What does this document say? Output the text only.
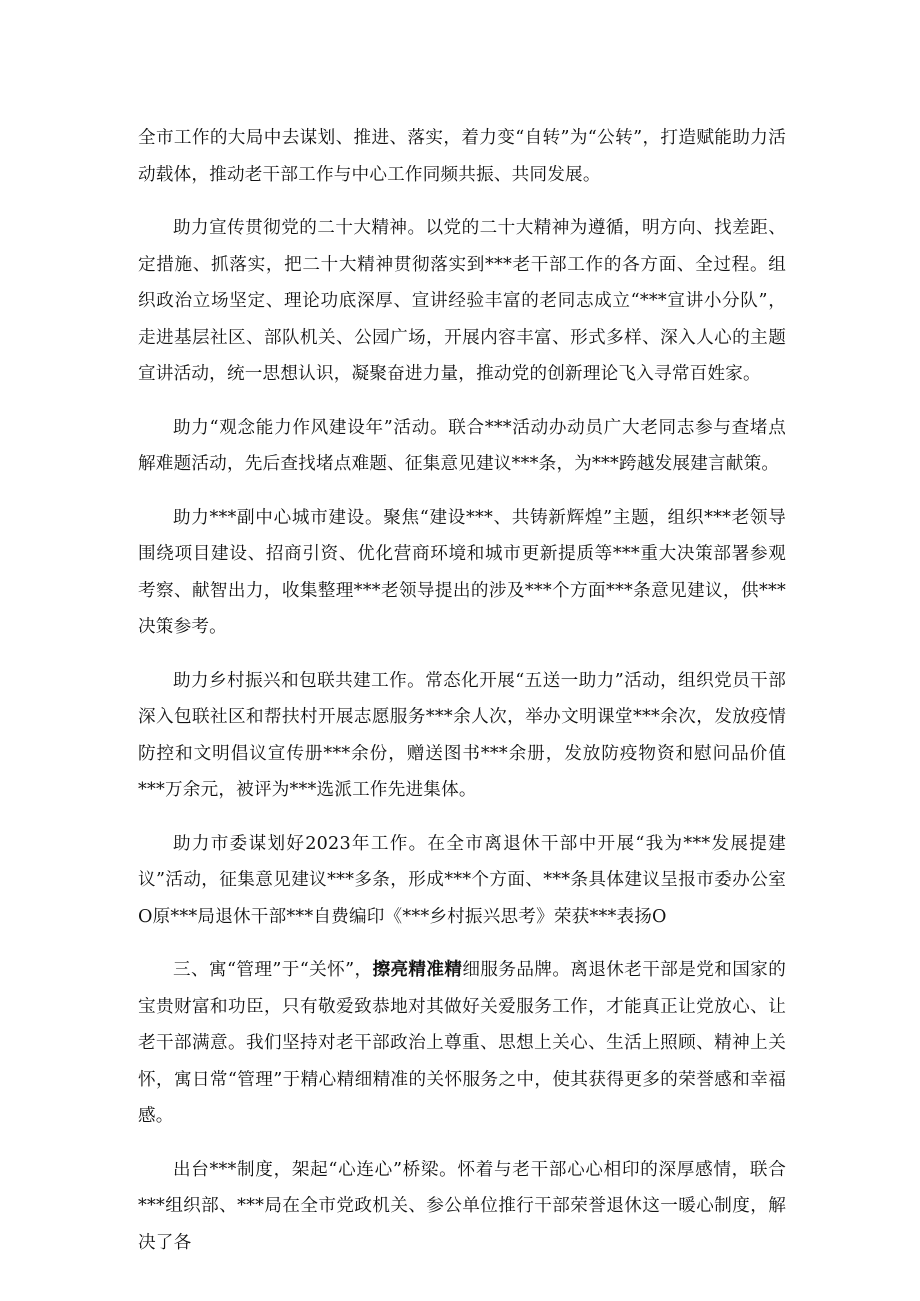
全市工作的大局中去谋划、推进、落实，着力变“自转”为“公转”，打造赋能助力活动载体，推动老干部工作与中心工作同频共振、共同发展。

助力宣传贯彻党的二十大精神。以党的二十大精神为遵循，明方向、找差距、定措施、抓落实，把二十大精神贯彻落实到***老干部工作的各方面、全过程。组织政治立场坚定、理论功底深厚、宣讲经验丰富的老同志成立“***宣讲小分队”，走进基层社区、部队机关、公园广场，开展内容丰富、形式多样、深入人心的主题宣讲活动，统一思想认识，凝聚奋进力量，推动党的创新理论飞入寻常百姓家。

助力“观念能力作风建设年”活动。联合***活动办动员广大老同志参与查堵点解难题活动，先后查找堵点难题、征集意见建议***条，为***跨越发展建言献策。

助力***副中心城市建设。聚焦“建设***、共铸新辉煌”主题，组织***老领导围绕项目建设、招商引资、优化营商环境和城市更新提质等***重大决策部署参观考察、献智出力，收集整理***老领导提出的涉及***个方面***条意见建议，供***决策参考。

助力乡村振兴和包联共建工作。常态化开展“五送一助力”活动，组织党员干部深入包联社区和帮扶村开展志愿服务***余人次，举办文明课堂***余次，发放疫情防控和文明倡议宣传册***余份，赠送图书***余册，发放防疫物资和慰问品价值***万余元，被评为***选派工作先进集体。

助力市委谋划好2023年工作。在全市离退休干部中开展“我为***发展提建议”活动，征集意见建议***多条，形成***个方面、***条具体建议呈报市委办公室O原***局退休干部***自费编印《***乡村振兴思考》荣获***表扬O

三、寓“管理”于“关怀”，擦亮精准精细服务品牌。离退休老干部是党和国家的宝贵财富和功臣，只有敬爱致恭地对其做好关爱服务工作，才能真正让党放心、让老干部满意。我们坚持对老干部政治上尊重、思想上关心、生活上照顾、精神上关怀，寓日常“管理”于精心精细精准的关怀服务之中，使其获得更多的荣誉感和幸福感。

出台***制度，架起“心连心”桥梁。怀着与老干部心心相印的深厚感情，联合***组织部、***局在全市党政机关、参公单位推行干部荣誉退休这一暖心制度，解决了各
